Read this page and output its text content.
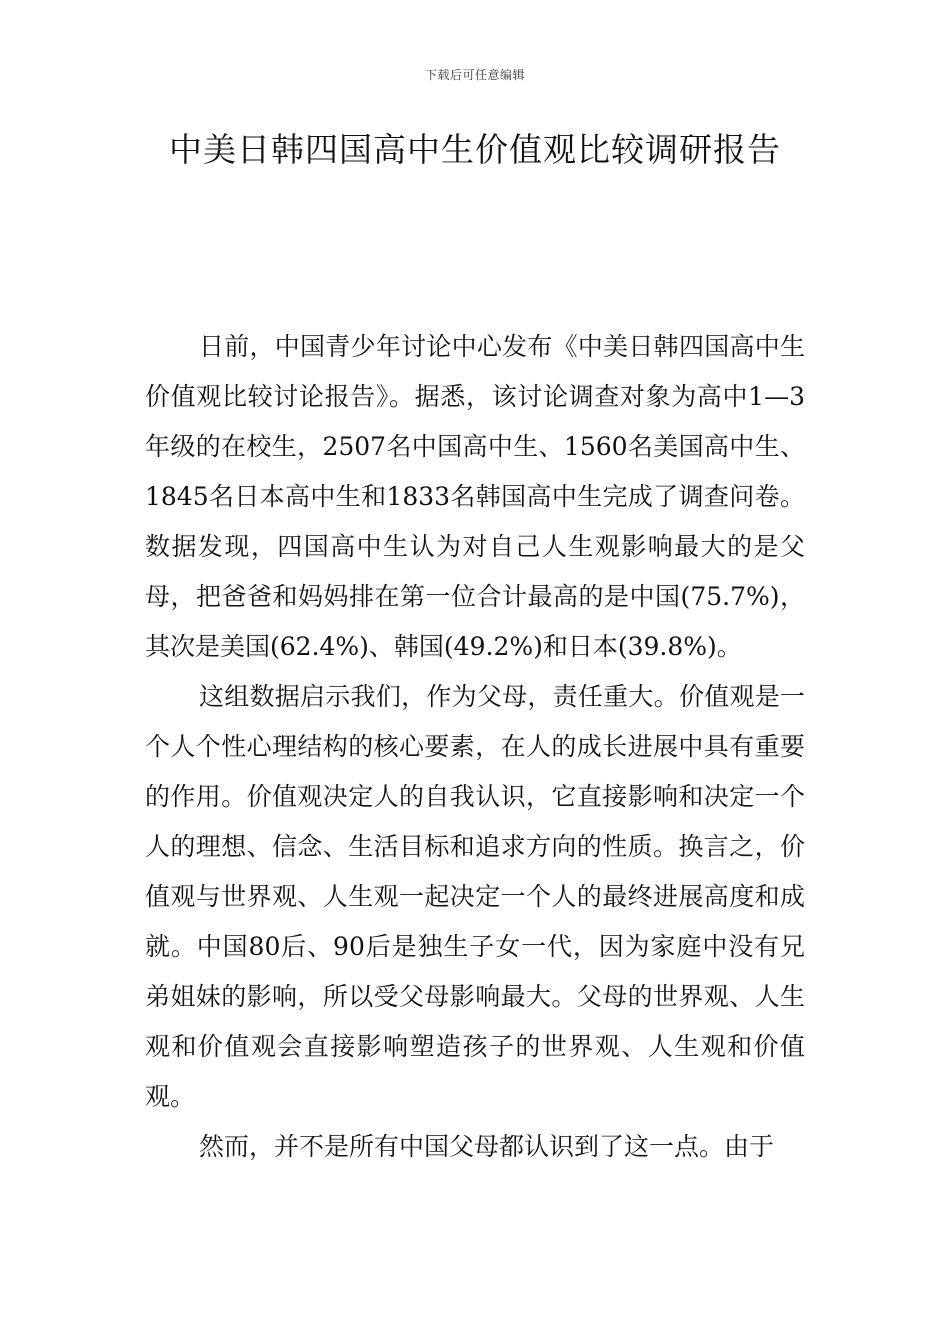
下载后可任意编辑
中美日韩四国高中生价值观比较调研报告

日前，中国青少年讨论中心发布《中美日韩四国高中生价值观比较讨论报告》。据悉，该讨论调查对象为高中1—3年级的在校生，2507名中国高中生、1560名美国高中生、1845名日本高中生和1833名韩国高中生完成了调查问卷。数据发现，四国高中生认为对自己人生观影响最大的是父母，把爸爸和妈妈排在第一位合计最高的是中国(75.7%)，其次是美国(62.4%)、韩国(49.2%)和日本(39.8%)。

这组数据启示我们，作为父母，责任重大。价值观是一个人个性心理结构的核心要素，在人的成长进展中具有重要的作用。价值观决定人的自我认识，它直接影响和决定一个人的理想、信念、生活目标和追求方向的性质。换言之，价值观与世界观、人生观一起决定一个人的最终进展高度和成就。中国80后、90后是独生子女一代，因为家庭中没有兄弟姐妹的影响，所以受父母影响最大。父母的世界观、人生观和价值观会直接影响塑造孩子的世界观、人生观和价值观。

然而，并不是所有中国父母都认识到了这一点。由于
